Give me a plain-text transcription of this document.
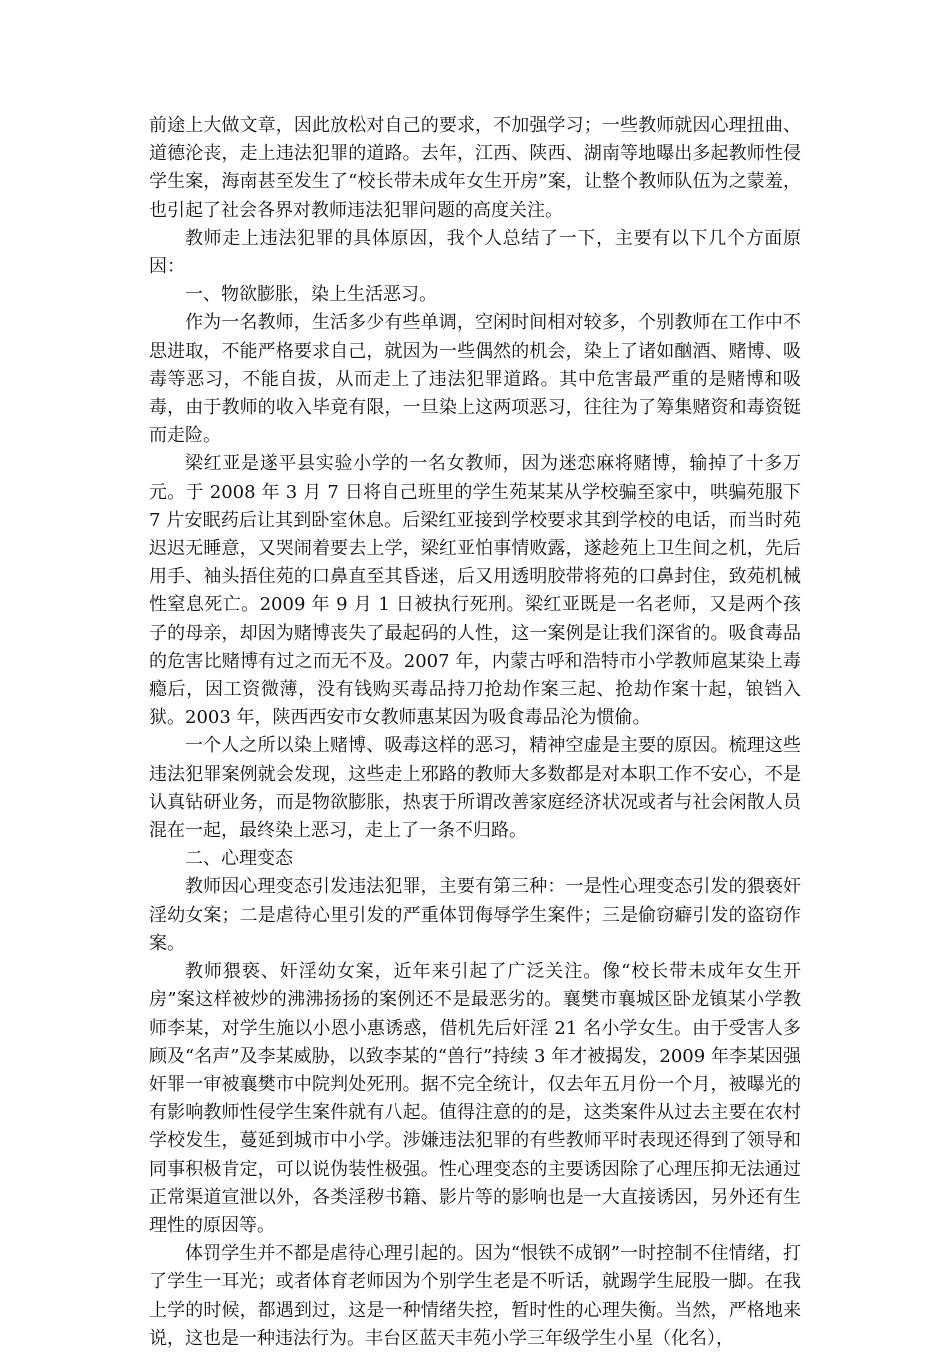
前途上大做文章，因此放松对自己的要求，不加强学习；一些教师就因心理扭曲、道德沦丧，走上违法犯罪的道路。去年，江西、陕西、湖南等地曝出多起教师性侵学生案，海南甚至发生了“校长带未成年女生开房”案，让整个教师队伍为之蒙羞，也引起了社会各界对教师违法犯罪问题的高度关注。

教师走上违法犯罪的具体原因，我个人总结了一下，主要有以下几个方面原因：

一、物欲膨胀，染上生活恶习。

作为一名教师，生活多少有些单调，空闲时间相对较多，个别教师在工作中不思进取，不能严格要求自己，就因为一些偶然的机会，染上了诸如酗酒、赌博、吸毒等恶习，不能自拔，从而走上了违法犯罪道路。其中危害最严重的是赌博和吸毒，由于教师的收入毕竟有限，一旦染上这两项恶习，往往为了筹集赌资和毒资铤而走险。

梁红亚是遂平县实验小学的一名女教师，因为迷恋麻将赌博，输掉了十多万元。于 2008 年 3 月 7 日将自己班里的学生苑某某从学校骗至家中，哄骗苑服下 7 片安眠药后让其到卧室休息。后梁红亚接到学校要求其到学校的电话，而当时苑迟迟无睡意，又哭闹着要去上学，梁红亚怕事情败露，遂趁苑上卫生间之机，先后用手、袖头捂住苑的口鼻直至其昏迷，后又用透明胶带将苑的口鼻封住，致苑机械性窒息死亡。2009 年 9 月 1 日被执行死刑。梁红亚既是一名老师，又是两个孩子的母亲，却因为赌博丧失了最起码的人性，这一案例是让我们深省的。吸食毒品的危害比赌博有过之而无不及。2007 年，内蒙古呼和浩特市小学教师扈某染上毒瘾后，因工资微薄，没有钱购买毒品持刀抢劫作案三起、抢劫作案十起，锒铛入狱。2003 年，陕西西安市女教师惠某因为吸食毒品沦为惯偷。

一个人之所以染上赌博、吸毒这样的恶习，精神空虚是主要的原因。梳理这些违法犯罪案例就会发现，这些走上邪路的教师大多数都是对本职工作不安心，不是认真钻研业务，而是物欲膨胀，热衷于所谓改善家庭经济状况或者与社会闲散人员混在一起，最终染上恶习，走上了一条不归路。

二、心理变态

教师因心理变态引发违法犯罪，主要有第三种：一是性心理变态引发的猥亵奸淫幼女案；二是虐待心里引发的严重体罚侮辱学生案件；三是偷窃癖引发的盗窃作案。

教师猥亵、奸淫幼女案，近年来引起了广泛关注。像“校长带未成年女生开房”案这样被炒的沸沸扬扬的案例还不是最恶劣的。襄樊市襄城区卧龙镇某小学教师李某，对学生施以小恩小惠诱惑，借机先后奸淫 21 名小学女生。由于受害人多顾及“名声”及李某威胁，以致李某的“兽行”持续 3 年才被揭发，2009 年李某因强奸罪一审被襄樊市中院判处死刑。据不完全统计，仅去年五月份一个月，被曝光的有影响教师性侵学生案件就有八起。值得注意的的是，这类案件从过去主要在农村学校发生，蔓延到城市中小学。涉嫌违法犯罪的有些教师平时表现还得到了领导和同事积极肯定，可以说伪装性极强。性心理变态的主要诱因除了心理压抑无法通过正常渠道宣泄以外，各类淫秽书籍、影片等的影响也是一大直接诱因，另外还有生理性的原因等。

体罚学生并不都是虐待心理引起的。因为“恨铁不成钢”一时控制不住情绪，打了学生一耳光；或者体育老师因为个别学生老是不听话，就踢学生屁股一脚。在我上学的时候，都遇到过，这是一种情绪失控，暂时性的心理失衡。当然，严格地来说，这也是一种违法行为。丰台区蓝天丰苑小学三年级学生小星（化名），
